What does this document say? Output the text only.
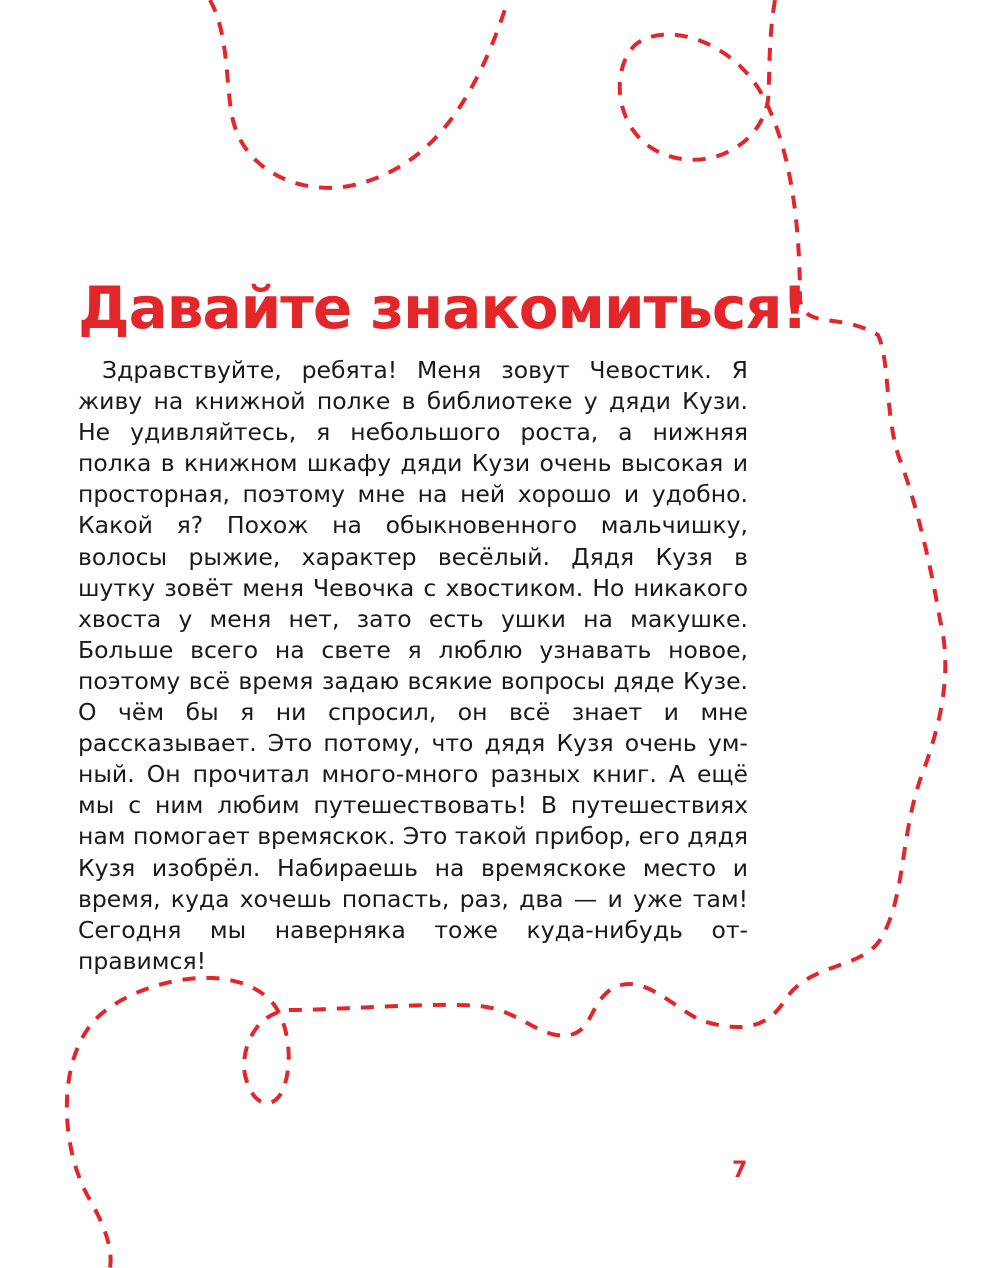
Давайте знакомиться!

Здравствуйте, ребята! Меня зовут Чевостик. Я живу на книжной полке в библиотеке у дяди Кузи. Не удивляйтесь, я небольшого роста, а нижняя полка в книжном шкафу дяди Кузи очень высокая и просторная, поэтому мне на ней хорошо и удобно. Какой я? Похож на обыкновенного мальчишку, волосы рыжие, характер весёлый. Дядя Кузя в шутку зовёт меня Чевочка с хвостиком. Но никакого хвоста у меня нет, зато есть ушки на макушке. Больше всего на свете я люблю узнавать новое, поэтому всё время задаю всякие вопросы дяде Кузе. О чём бы я ни спросил, он всё знает и мне рассказывает. Это потому, что дядя Кузя очень умный. Он прочитал много-много разных книг. А ещё мы с ним любим путешествовать! В путешествиях нам помогает времяскок. Это такой прибор, его дядя Кузя изобрёл. Набираешь на времяскоке место и время, куда хочешь попасть, раз, два — и уже там! Сегодня мы наверняка тоже куда-нибудь отправимся!

7
